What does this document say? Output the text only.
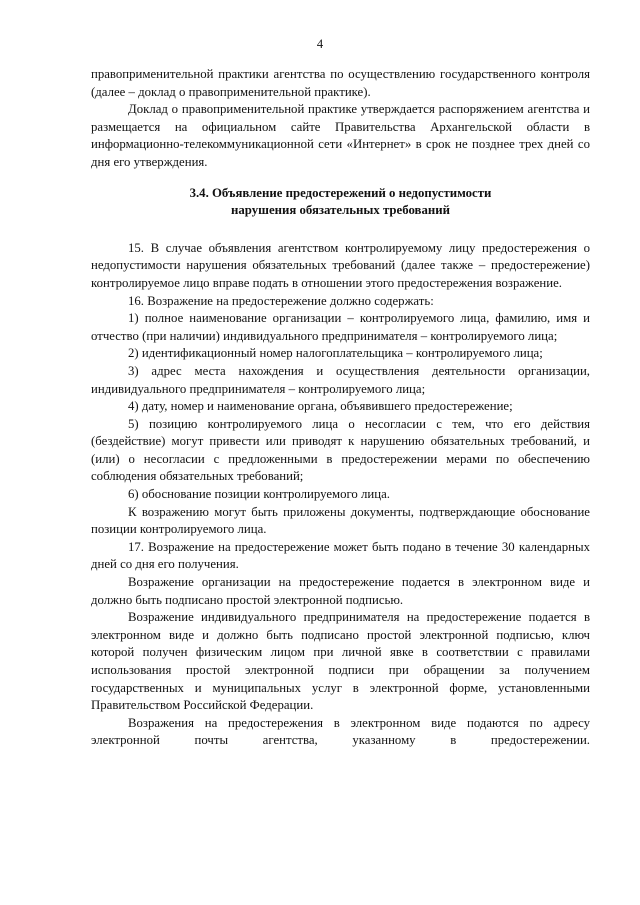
4

правоприменительной практики агентства по осуществлению государственного контроля (далее – доклад о правоприменительной практике).

Доклад о правоприменительной практике утверждается распоряжением агентства и размещается на официальном сайте Правительства Архангельской области в информационно-телекоммуникационной сети «Интернет» в срок не позднее трех дней со дня его утверждения.

3.4. Объявление предостережений о недопустимости
нарушения обязательных требований

15. В случае объявления агентством контролируемому лицу предостережения о недопустимости нарушения обязательных требований (далее также – предостережение) контролируемое лицо вправе подать в отношении этого предостережения возражение.

16. Возражение на предостережение должно содержать:

1) полное наименование организации – контролируемого лица, фамилию, имя и отчество (при наличии) индивидуального предпринимателя – контролируемого лица;

2) идентификационный номер налогоплательщика – контролируемого лица;

3) адрес места нахождения и осуществления деятельности организации, индивидуального предпринимателя – контролируемого лица;

4) дату, номер и наименование органа, объявившего предостережение;

5) позицию контролируемого лица о несогласии с тем, что его действия (бездействие) могут привести или приводят к нарушению обязательных требований, и (или) о несогласии с предложенными в предостережении мерами по обеспечению соблюдения обязательных требований;

6) обоснование позиции контролируемого лица.

К возражению могут быть приложены документы, подтверждающие обоснование позиции контролируемого лица.

17. Возражение на предостережение может быть подано в течение 30 календарных дней со дня его получения.

Возражение организации на предостережение подается в электронном виде и должно быть подписано простой электронной подписью.

Возражение индивидуального предпринимателя на предостережение подается в электронном виде и должно быть подписано простой электронной подписью, ключ которой получен физическим лицом при личной явке в соответствии с правилами использования простой электронной подписи при обращении за получением государственных и муниципальных услуг в электронной форме, установленными Правительством Российской Федерации.

Возражения на предостережения в электронном виде подаются по адресу электронной почты агентства, указанному в предостережении.
